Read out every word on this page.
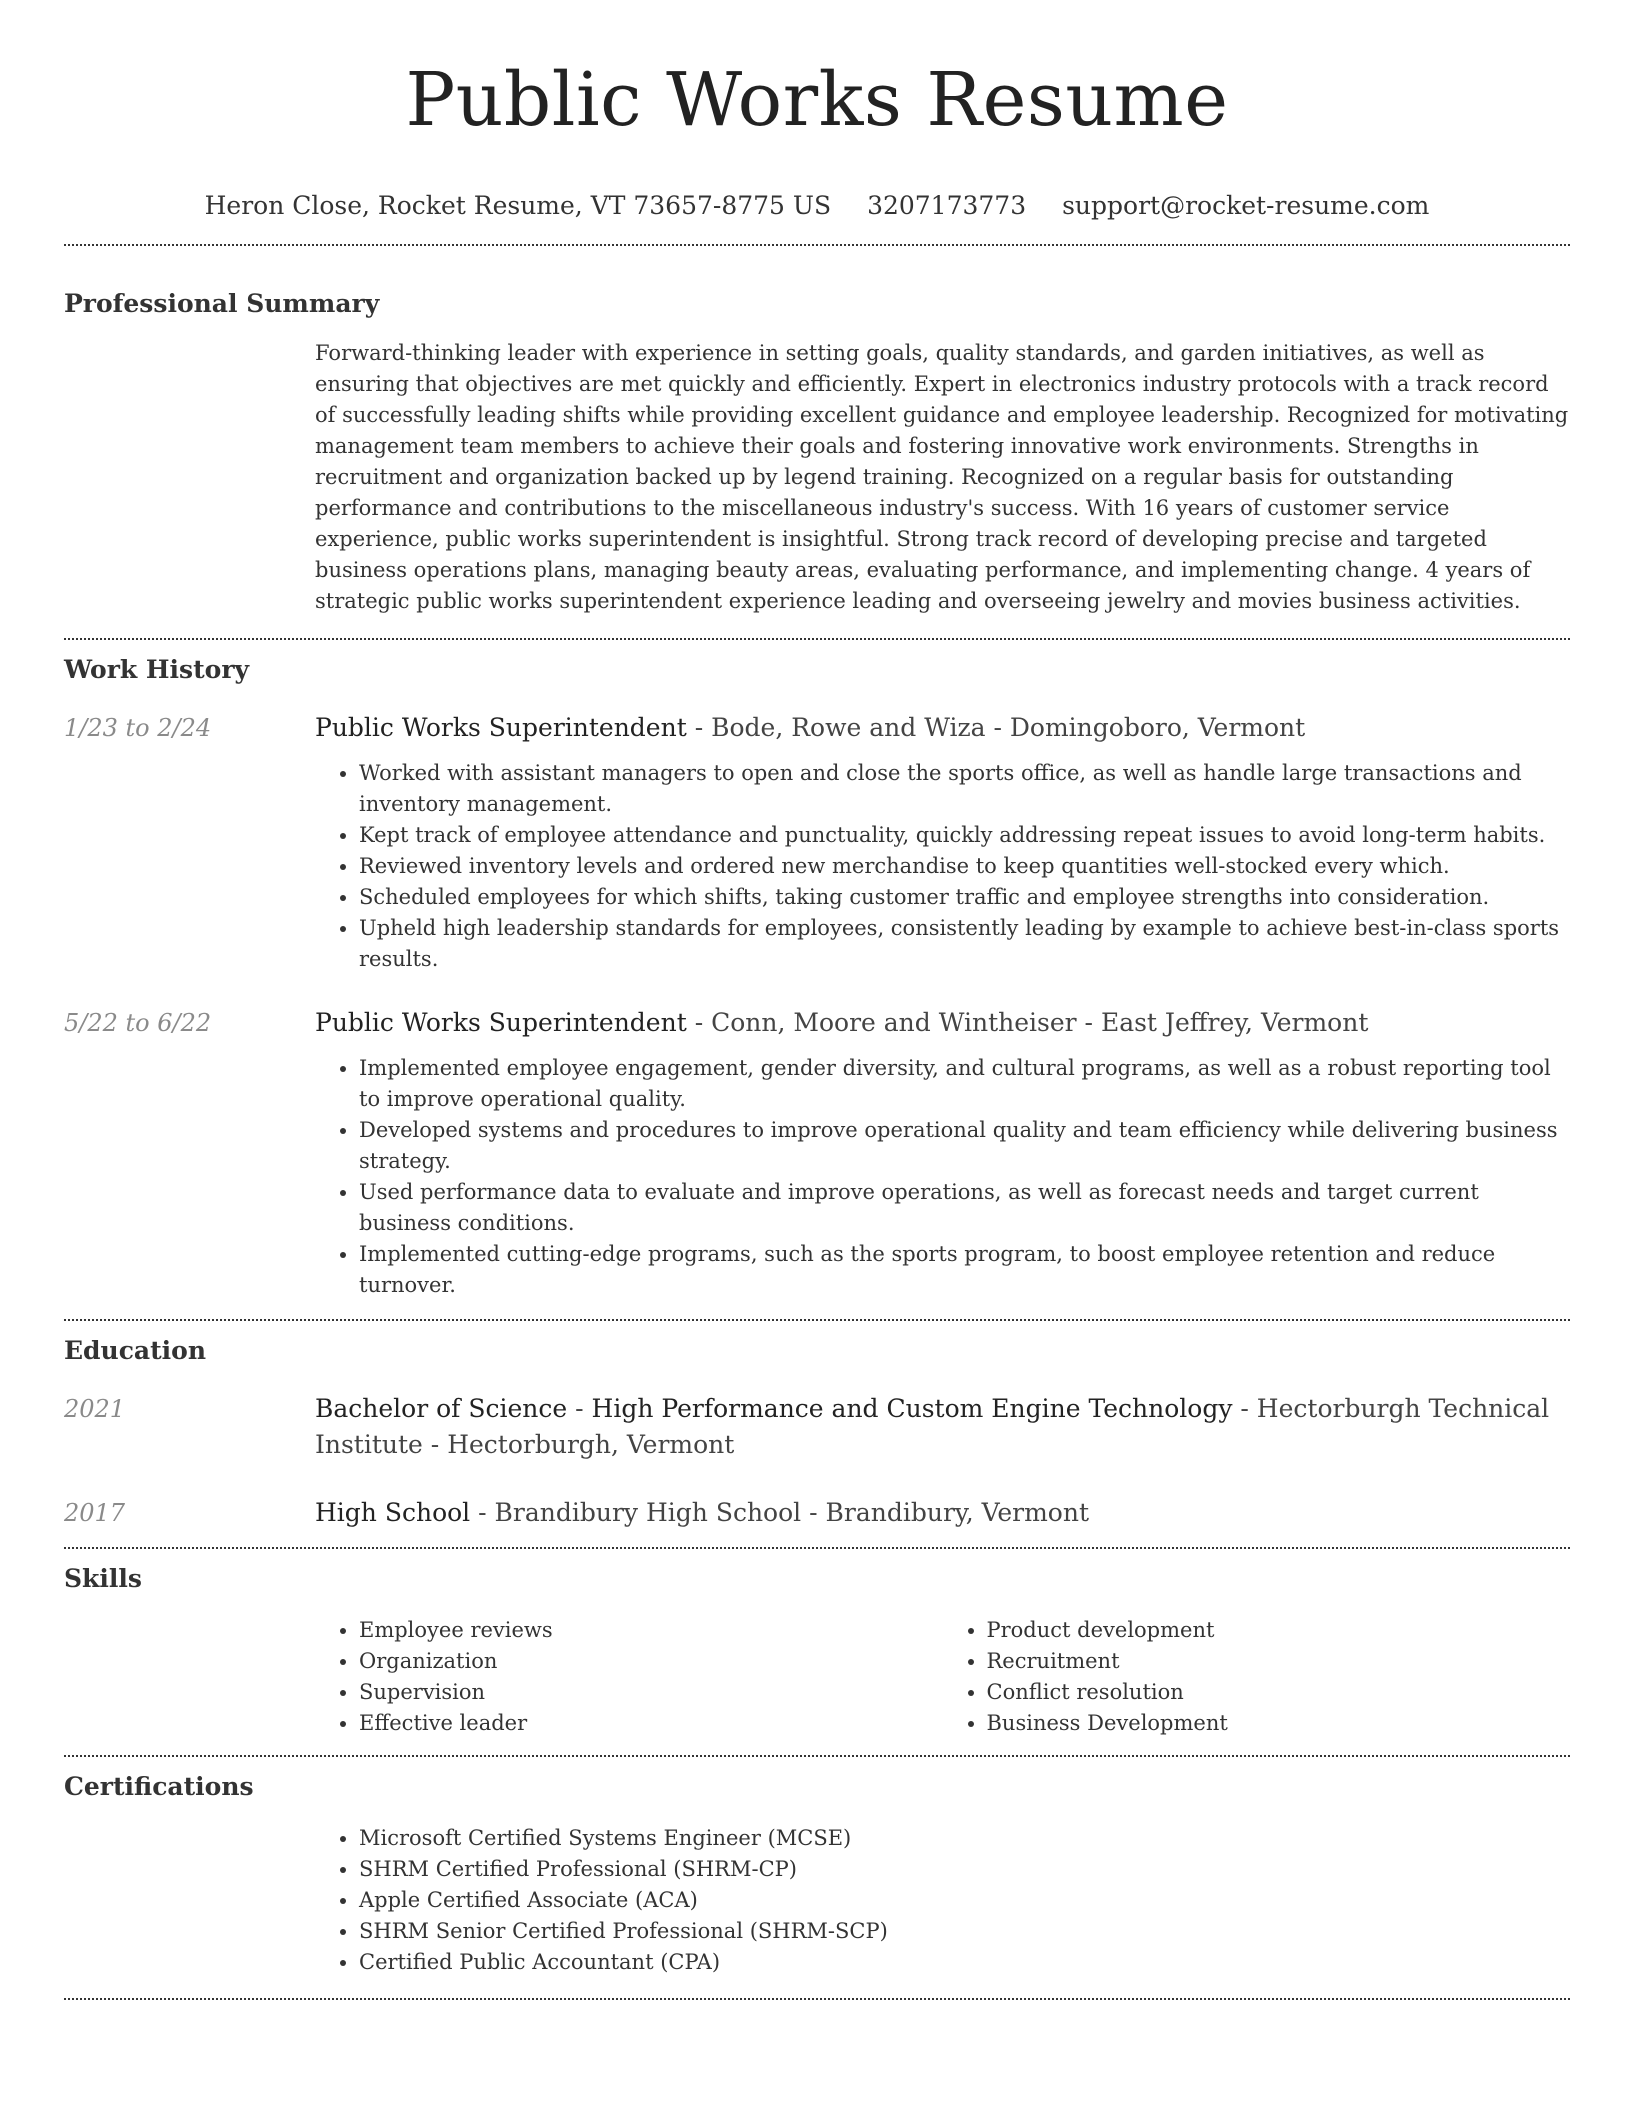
Public Works Resume
Heron Close, Rocket Resume, VT 73657-8775 US 3207173773 support@rocket-resume.com
Professional Summary

Forward-thinking leader with experience in setting goals, quality standards, and garden initiatives, as well as ensuring that objectives are met quickly and efficiently. Expert in electronics industry protocols with a track record of successfully leading shifts while providing excellent guidance and employee leadership. Recognized for motivating management team members to achieve their goals and fostering innovative work environments. Strengths in recruitment and organization backed up by legend training. Recognized on a regular basis for outstanding performance and contributions to the miscellaneous industry's success. With 16 years of customer service experience, public works superintendent is insightful. Strong track record of developing precise and targeted business operations plans, managing beauty areas, evaluating performance, and implementing change. 4 years of strategic public works superintendent experience leading and overseeing jewelry and movies business activities.

Work History
1/23 to 2/24	Public Works Superintendent - Bode, Rowe and Wiza - Domingoboro, Vermont

• Worked with assistant managers to open and close the sports office, as well as handle large transactions and inventory management.
• Kept track of employee attendance and punctuality, quickly addressing repeat issues to avoid long-term habits.
• Reviewed inventory levels and ordered new merchandise to keep quantities well-stocked every which.
• Scheduled employees for which shifts, taking customer traffic and employee strengths into consideration.
• Upheld high leadership standards for employees, consistently leading by example to achieve best-in-class sports results.
5/22 to 6/22	Public Works Superintendent - Conn, Moore and Wintheiser - East Jeffrey, Vermont

• Implemented employee engagement, gender diversity, and cultural programs, as well as a robust reporting tool to improve operational quality.
• Developed systems and procedures to improve operational quality and team efficiency while delivering business strategy.
• Used performance data to evaluate and improve operations, as well as forecast needs and target current business conditions.
• Implemented cutting-edge programs, such as the sports program, to boost employee retention and reduce turnover.
Education
2021	Bachelor of Science - High Performance and Custom Engine Technology - Hectorburgh Technical Institute - Hectorburgh, Vermont

2017	High School - Brandibury High School - Brandibury, Vermont

Skills
• Employee reviews
• Organization
• Supervision
• Effective leader
• Product development
• Recruitment
• Conflict resolution
• Business Development
Certifications
• Microsoft Certified Systems Engineer (MCSE)
• SHRM Certified Professional (SHRM-CP)
• Apple Certified Associate (ACA)
• SHRM Senior Certified Professional (SHRM-SCP)
• Certified Public Accountant (CPA)
